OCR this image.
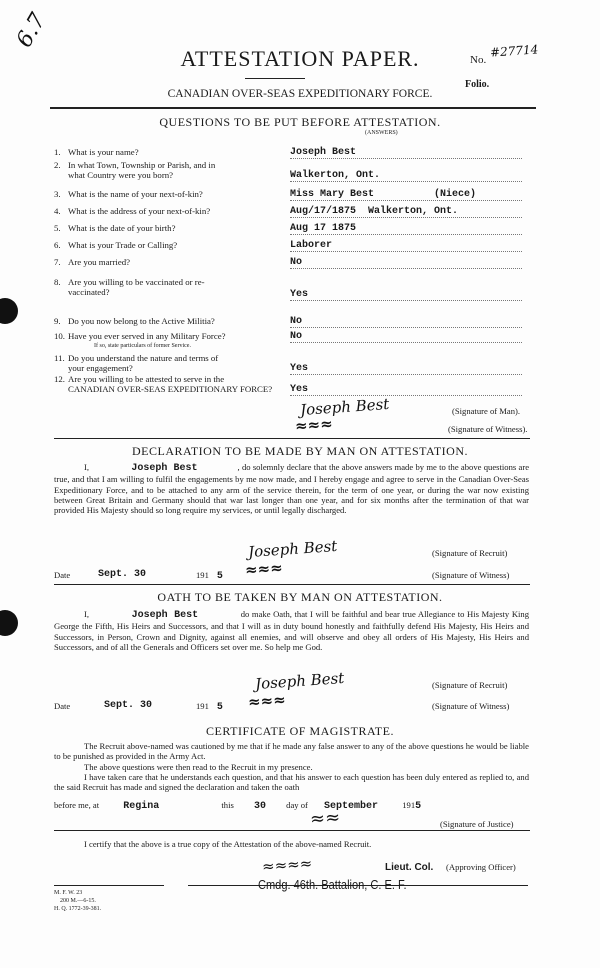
6.7
ATTESTATION PAPER.	No.
#27714
Folio.
CANADIAN OVER-SEAS EXPEDITIONARY FORCE.
QUESTIONS TO BE PUT BEFORE ATTESTATION.
(ANSWERS)
1. What is your name?	Joseph Best
2. In what Town, Township or Parish, and in
what Country were you born?	Walkerton, Ont.
3. What is the name of your next-of-kin?	Miss Mary Best          (Niece)
4. What is the address of your next-of-kin?	Aug/17/1875  Walkerton, Ont.
5. What is the date of your birth?	Aug 17 1875
6. What is your Trade or Calling?	Laborer
7. Are you married?	No
8. Are you willing to be vaccinated or re-
vaccinated?	Yes
9. Do you now belong to the Active Militia?	No
10. Have you ever served in any Military Force?
If so, state particulars of former Service.
No
11. Do you understand the nature and terms of
your engagement?	Yes
12. Are you willing to be attested to serve in the
CANADIAN OVER-SEAS EXPEDITIONARY FORCE? Yes
Joseph Best	(Signature of Man).
≈≈≈	(Signature of Witness).
DECLARATION TO BE MADE BY MAN ON ATTESTATION.
I,	Joseph Best	, do solemnly declare that the above answers made by me to the above questions are true, and that I am willing to fulfil the engagements by me now made, and I hereby engage and agree to serve in the Canadian Over-Seas Expeditionary Force, and to be attached to any arm of the service therein, for the term of one year, or during the war now existing between Great Britain and Germany should that war last longer than one year, and for six months after the termination of that war provided His Majesty should so long require my services, or until legally discharged.
Joseph Best	(Signature of Recruit)
Date	Sept. 30	191 5 ≈≈≈	(Signature of Witness)
OATH TO BE TAKEN BY MAN ON ATTESTATION.
I,	Joseph Best	do make Oath, that I will be faithful and bear true Allegiance to His Majesty King George the Fifth, His Heirs and Successors, and that I will as in duty bound honestly and faithfully defend His Majesty, His Heirs and Successors, in Person, Crown and Dignity, against all enemies, and will observe and obey all orders of His Majesty, His Heirs and Successors, and of all the Generals and Officers set over me. So help me God.
Joseph Best	(Signature of Recruit)
Date	Sept. 30	191 5 ≈≈≈	(Signature of Witness)
CERTIFICATE OF MAGISTRATE.
The Recruit above-named was cautioned by me that if he made any false answer to any of the above questions he would be liable to be punished as provided in the Army Act.
The above questions were then read to the Recruit in my presence.
I have taken care that he understands each question, and that his answer to each question has been duly entered as replied to, and the said Recruit has made and signed the declaration and taken the oath
before me, at Regina	this 30 day of September	1915
≈≈	(Signature of Justice)
I certify that the above is a true copy of the Attestation of the above-named Recruit.
≈≈≈≈	Lieut. Col. (Approving Officer)
Cmdg. 46th. Battalion, C. E. F.
M. F. W. 23
200 M.—6-15.
H. Q. 1772-39-381.
